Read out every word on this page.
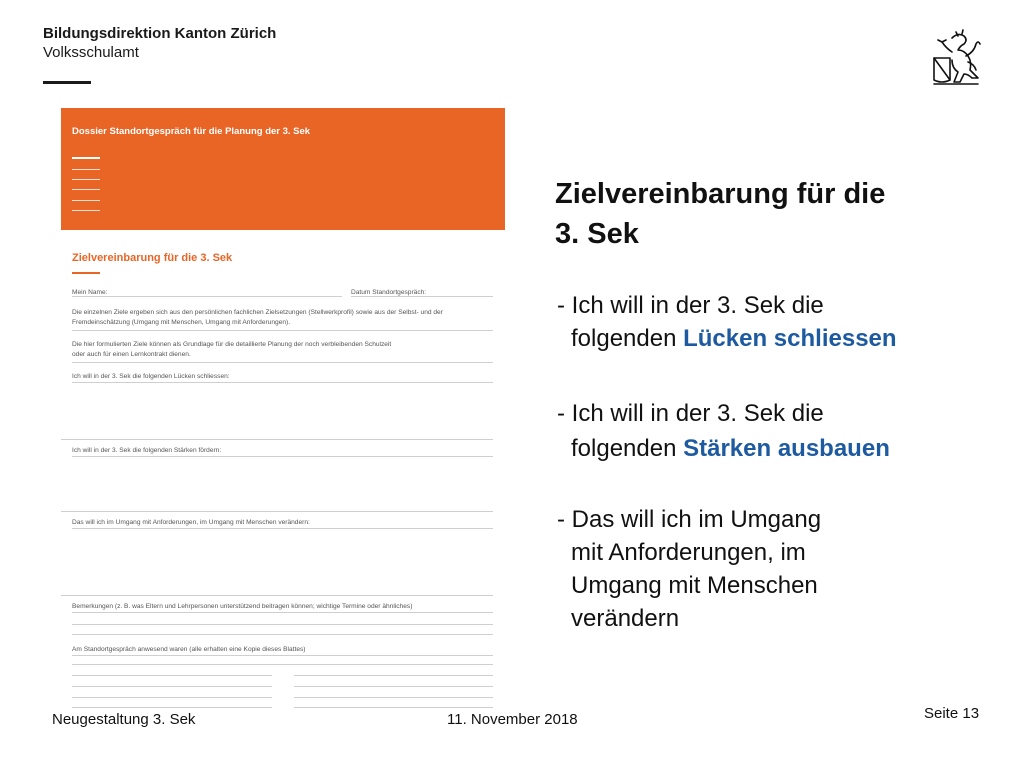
Bildungsdirektion Kanton Zürich
Volksschulamt
Dossier Standortgespräch für die Planung der 3. Sek
Zielvereinbarung für die 3. Sek
Mein Name:	Datum Standortgespräch:
Die einzelnen Ziele ergeben sich aus den persönlichen fachlichen Zielsetzungen (Stellwerkprofil) sowie aus der Selbst- und der
Fremdeinschätzung (Umgang mit Menschen, Umgang mit Anforderungen).
Die hier formulierten Ziele können als Grundlage für die detaillierte Planung der noch verbleibenden Schulzeit
oder auch für einen Lernkontrakt dienen.
Ich will in der 3. Sek die folgenden Lücken schliessen:
Ich will in der 3. Sek die folgenden Stärken fördern:
Das will ich im Umgang mit Anforderungen, im Umgang mit Menschen verändern:
Bemerkungen (z. B. was Eltern und Lehrpersonen unterstützend beitragen können; wichtige Termine oder ähnliches)
Am Standortgespräch anwesend waren (alle erhalten eine Kopie dieses Blattes)
Zielvereinbarung für die
3. Sek
- Ich will in der 3. Sek die
folgenden Lücken schliessen
- Ich will in der 3. Sek die
folgenden Stärken ausbauen
- Das will ich im Umgang
mit Anforderungen, im
Umgang mit Menschen
verändern
Neugestaltung 3. Sek	11. November 2018	Seite 13
